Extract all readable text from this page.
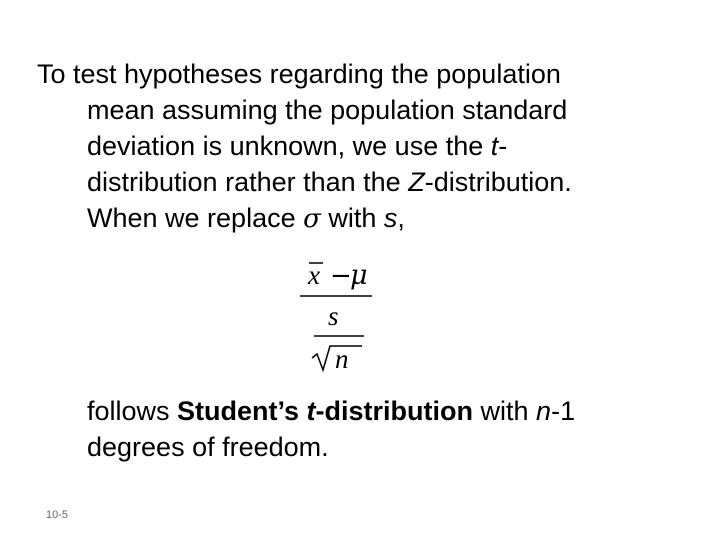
To test hypotheses regarding the population
mean assuming the population standard
deviation is unknown, we use the t-
distribution rather than the Z-distribution.
When we replace σ with s,
x −
μ
s
n
follows Student’s t-distribution with n-1
degrees of freedom.
10-5
